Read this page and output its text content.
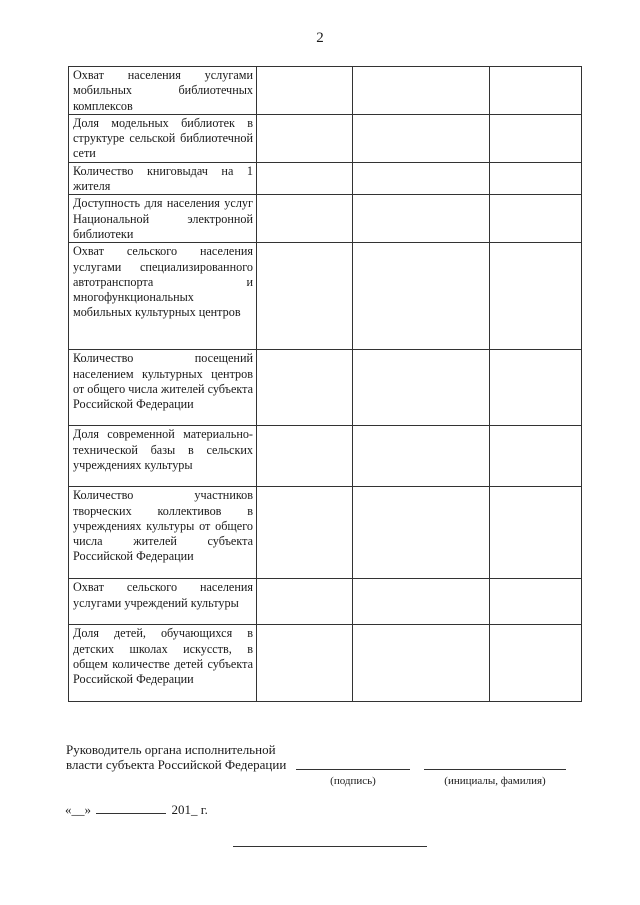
2
Охват населения услугами мобильных библиотечных комплексов			
Доля модельных библиотек в структуре сельской библиотечной сети			
Количество книговыдач на 1 жителя			
Доступность для населения услуг Национальной электронной библиотеки			
Охват сельского населения услугами специализированного автотранспорта и многофункциональных мобильных культурных центров			
Количество посещений населением культурных центров от общего числа жителей субъекта Российской Федерации			
Доля современной материально-технической базы в сельских учреждениях культуры			
Количество участников творческих коллективов в учреждениях культуры от общего числа жителей субъекта Российской Федерации			
Охват сельского населения услугами учреждений культуры			
Доля детей, обучающихся в детских школах искусств, в общем количестве детей субъекта Российской Федерации			
Руководитель органа исполнительной
власти субъекта Российской Федерации
(подпись)	(инициалы, фамилия)
«__»	201_ г.
